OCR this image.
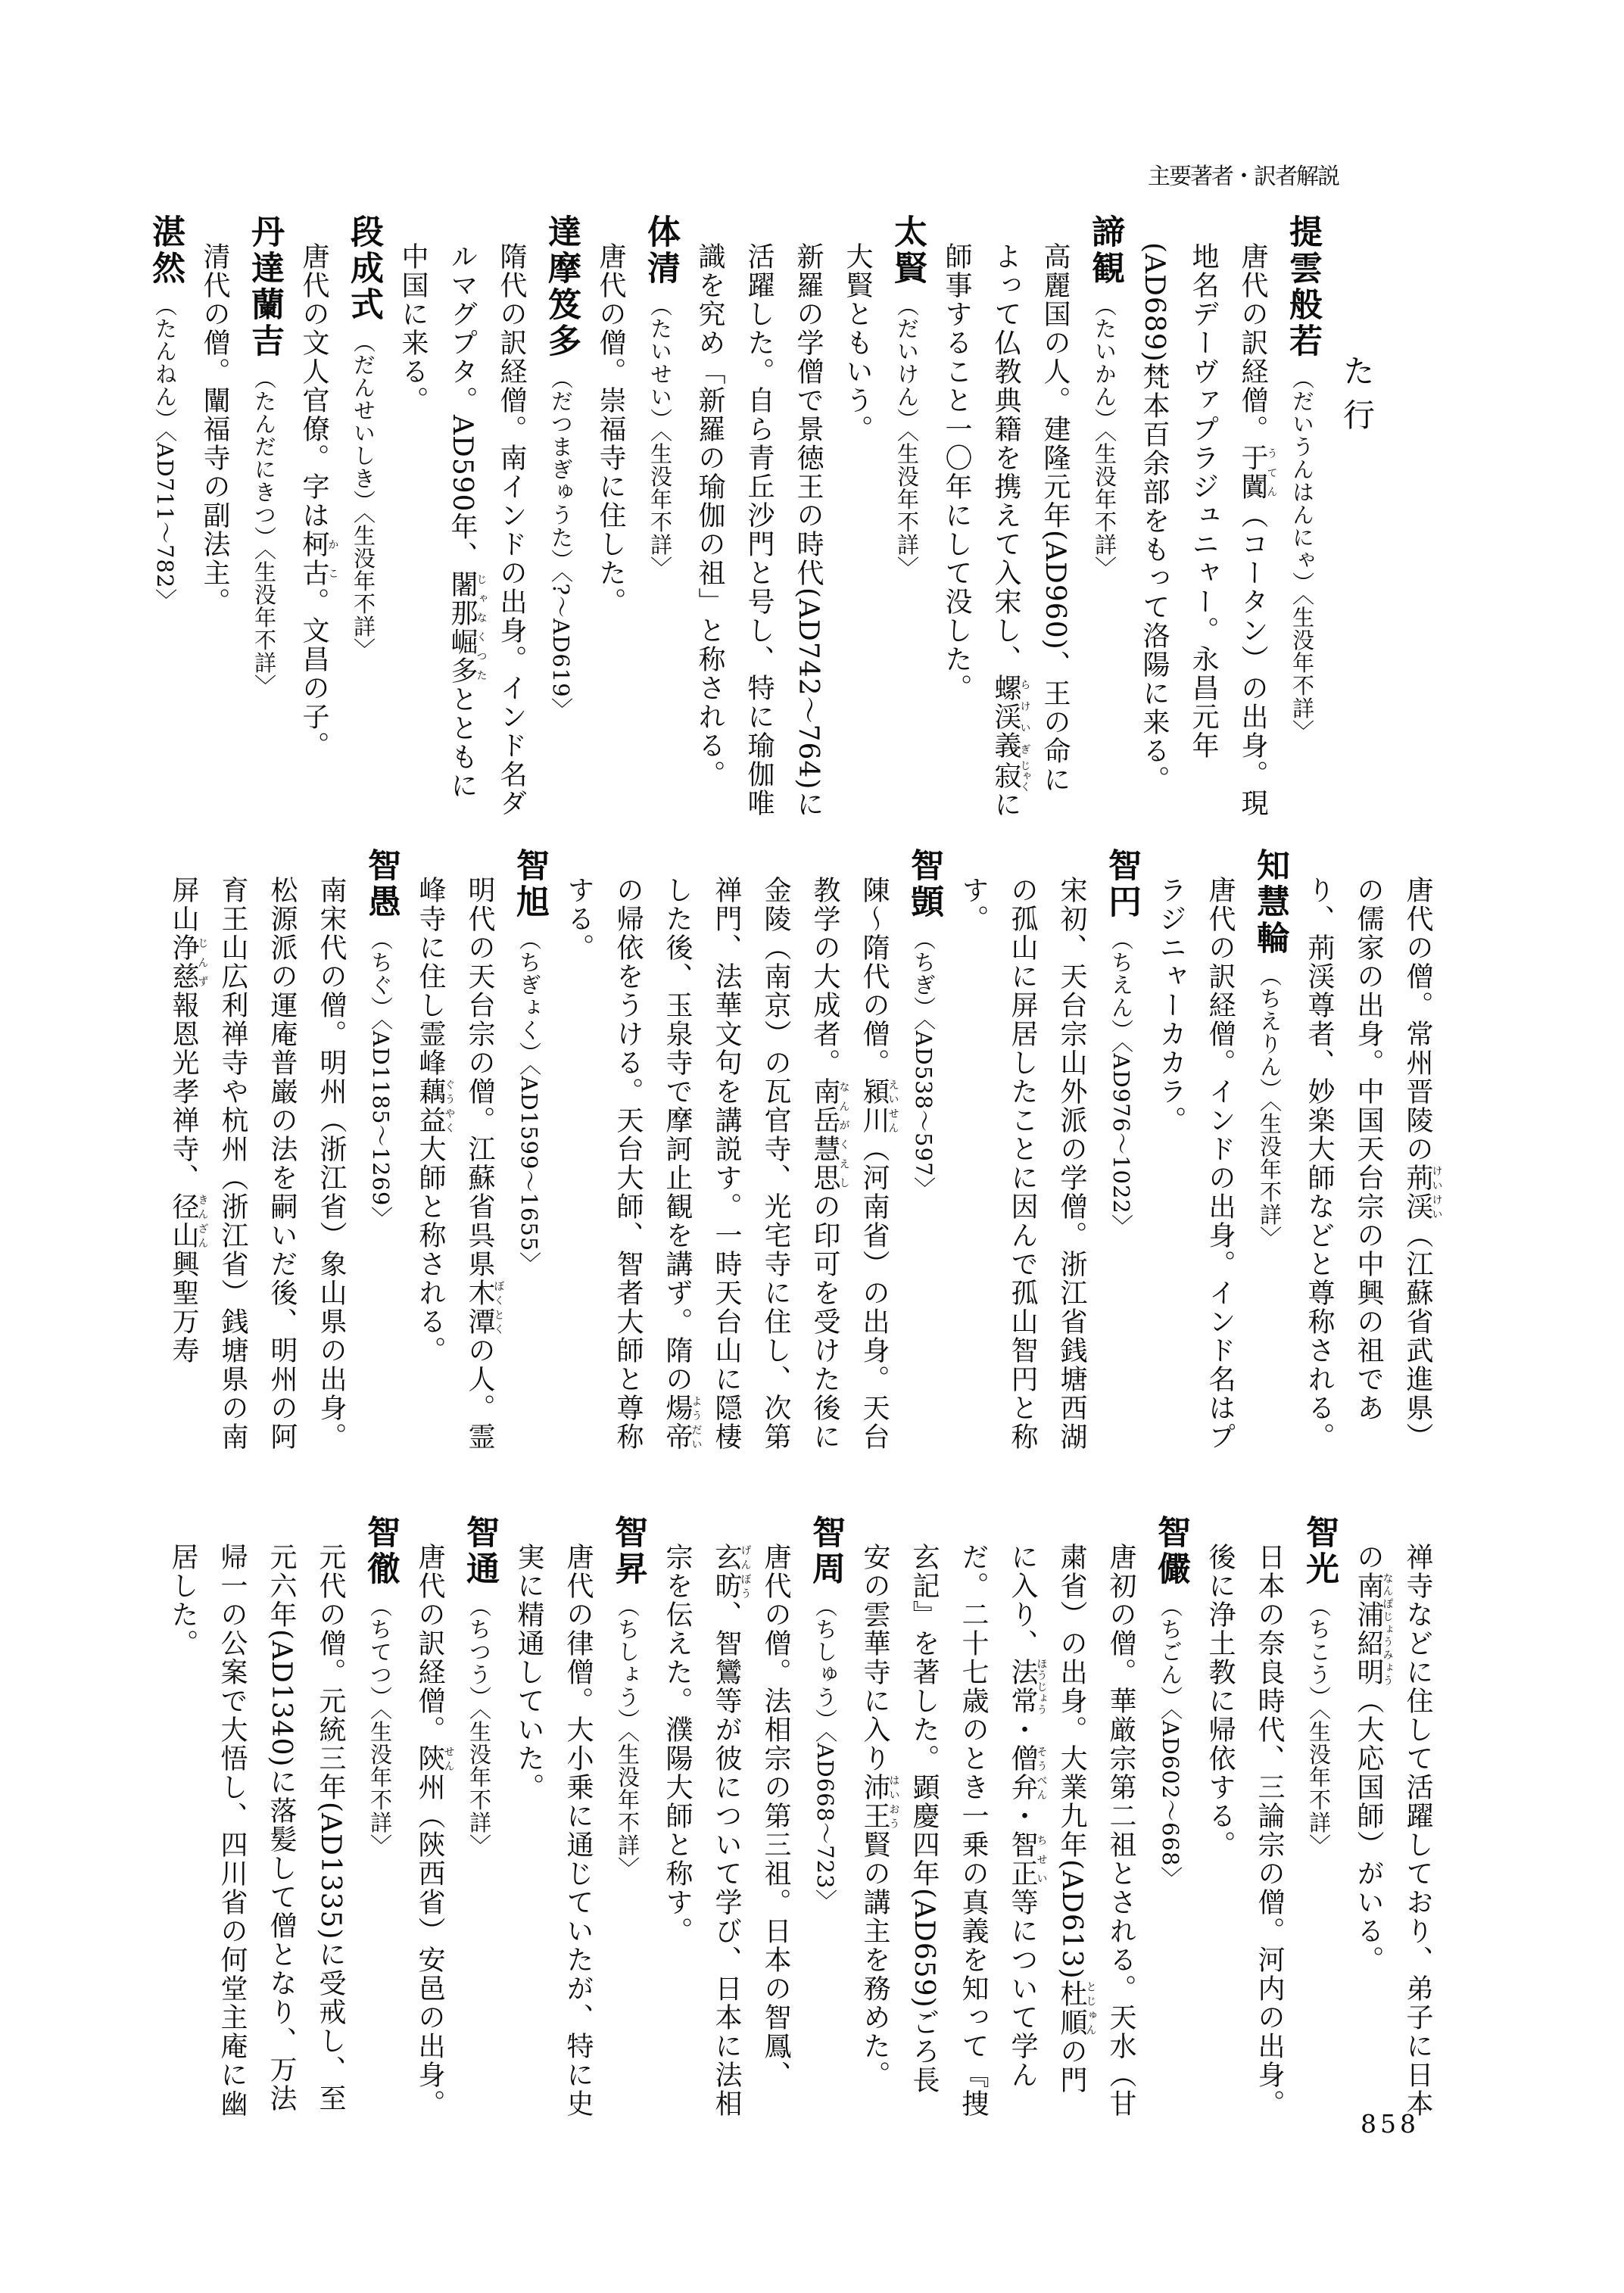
主要著者・訳者解説
た行
提雲般若（だいうんはんにゃ）〈生没年不詳〉
唐代の訳経僧。于闐うてん（コータン）の出身。現地名デーヴァプラジュニャー。永昌元年(AD689)梵本百余部をもって洛陽に来る。
諦観（たいかん）〈生没年不詳〉
高麗国の人。建隆元年(AD960)、王の命によって仏教典籍を携えて入宋し、螺渓義らけいぎ寂じゃくに師事すること一〇年にして没した。
太賢（だいけん）〈生没年不詳〉
大賢ともいう。
新羅の学僧で景徳王の時代(AD742～764)に活躍した。自ら青丘沙門と号し、特に瑜伽唯識を究め「新羅の瑜伽の祖」と称される。
体清（たいせい）〈生没年不詳〉
唐代の僧。崇福寺に住した。
達摩笈多（だつまぎゅうた）〈?～AD619〉
隋代の訳経僧。南インドの出身。インド名ダルマグプタ。AD590年、闍那崛多じゃなくつたとともに中国に来る。
段成式（だんせいしき）〈生没年不詳〉
唐代の文人官僚。字は柯古かこ。文昌の子。
丹達蘭吉（たんだにきつ）〈生没年不詳〉
清代の僧。闡福寺の副法主。
湛然（たんねん）〈AD711～782〉
唐代の僧。常州晋陵の荊渓けいけい（江蘇省武進県）の儒家の出身。中国天台宗の中興の祖であり、荊渓尊者、妙楽大師などと尊称される。
知慧輪（ちえりん）〈生没年不詳〉
唐代の訳経僧。インドの出身。インド名はプラジニャーカカラ。
智円（ちえん）〈AD976～1022〉
宋初、天台宗山外派の学僧。浙江省銭塘西湖の孤山に屏居したことに因んで孤山智円と称す。
智顗（ちぎ）〈AD538～597〉
陳～隋代の僧。潁川えいせん（河南省）の出身。天台教学の大成者。南岳慧思なんがくえしの印可を受けた後に金陵（南京）の瓦官寺、光宅寺に住し、次第禅門、法華文句を講説す。一時天台山に隠棲した後、玉泉寺で摩訶止観を講ず。隋の煬帝ようだいの帰依をうける。天台大師、智者大師と尊称する。
智旭（ちぎょく）〈AD1599～1655〉
明代の天台宗の僧。江蘇省呉県木潭ぼくとくの人。霊峰寺に住し霊峰藕益ぐうやく大師と称される。
智愚（ちぐ）〈AD1185～1269〉
南宋代の僧。明州（浙江省）象山県の出身。松源派の運庵普巌の法を嗣いだ後、明州の阿育王山広利禅寺や杭州（浙江省）銭塘県の南屏山浄慈じんず報恩光孝禅寺、径山きんざん興聖万寿
禅寺などに住して活躍しており、弟子に日本の南浦紹明なんぽじょうみょう（大応国師）がいる。
智光（ちこう）〈生没年不詳〉
日本の奈良時代、三論宗の僧。河内の出身。後に浄土教に帰依する。
智儼（ちごん）〈AD602～668〉
唐初の僧。華厳宗第二祖とされる。天水（甘粛省）の出身。大業九年(AD613)杜順とじゅんの門に入り、法常ほうじょう・僧弁そうべん・智正ちせい等について学んだ。二十七歳のとき一乗の真義を知って『捜玄記』を著した。顕慶四年(AD659)ごろ長安の雲華寺に入り沛王はいおう賢の講主を務めた。
智周（ちしゅう）〈AD668～723〉
唐代の僧。法相宗の第三祖。日本の智鳳、玄昉げんぼう、智鸞等が彼について学び、日本に法相宗を伝えた。濮陽大師と称す。
智昇（ちしょう）〈生没年不詳〉
唐代の律僧。大小乗に通じていたが、特に史実に精通していた。
智通（ちつう）〈生没年不詳〉
唐代の訳経僧。陝せん州（陝西省）安邑の出身。
智徹（ちてつ）〈生没年不詳〉
元代の僧。元統三年(AD1335)に受戒し、至元六年(AD1340)に落髪して僧となり、万法帰一の公案で大悟し、四川省の何堂主庵に幽居した。
858
